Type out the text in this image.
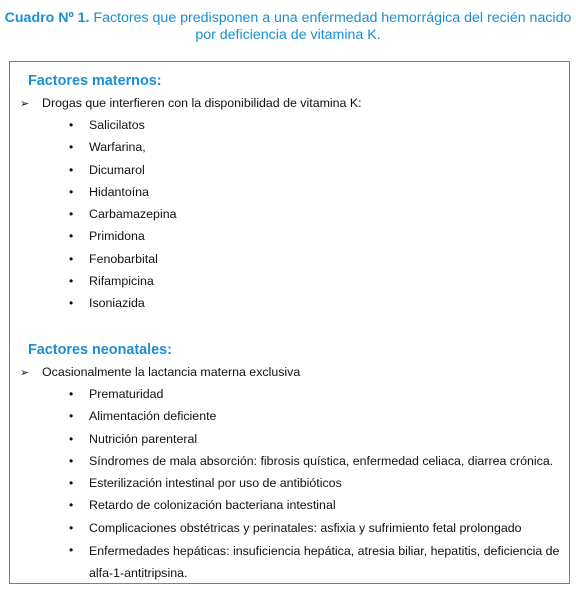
Cuadro Nº 1. Factores que predisponen a una enfermedad hemorrágica del recién nacido
por deficiencia de vitamina K.
Factores maternos:
➢ Drogas que interfieren con la disponibilidad de vitamina K:
• Salicilatos
• Warfarina,
• Dicumarol
• Hidantoína
• Carbamazepina
• Primidona
• Fenobarbital
• Rifampicina
• Isoniazida
Factores neonatales:
➢ Ocasionalmente la lactancia materna exclusiva
• Prematuridad
• Alimentación deficiente
• Nutrición parenteral
• Síndromes de mala absorción: fibrosis quística, enfermedad celiaca, diarrea crónica.
• Esterilización intestinal por uso de antibióticos
• Retardo de colonización bacteriana intestinal
• Complicaciones obstétricas y perinatales: asfixia y sufrimiento fetal prolongado
• Enfermedades hepáticas: insuficiencia hepática, atresia biliar, hepatitis, deficiencia de alfa-1-antitripsina.
